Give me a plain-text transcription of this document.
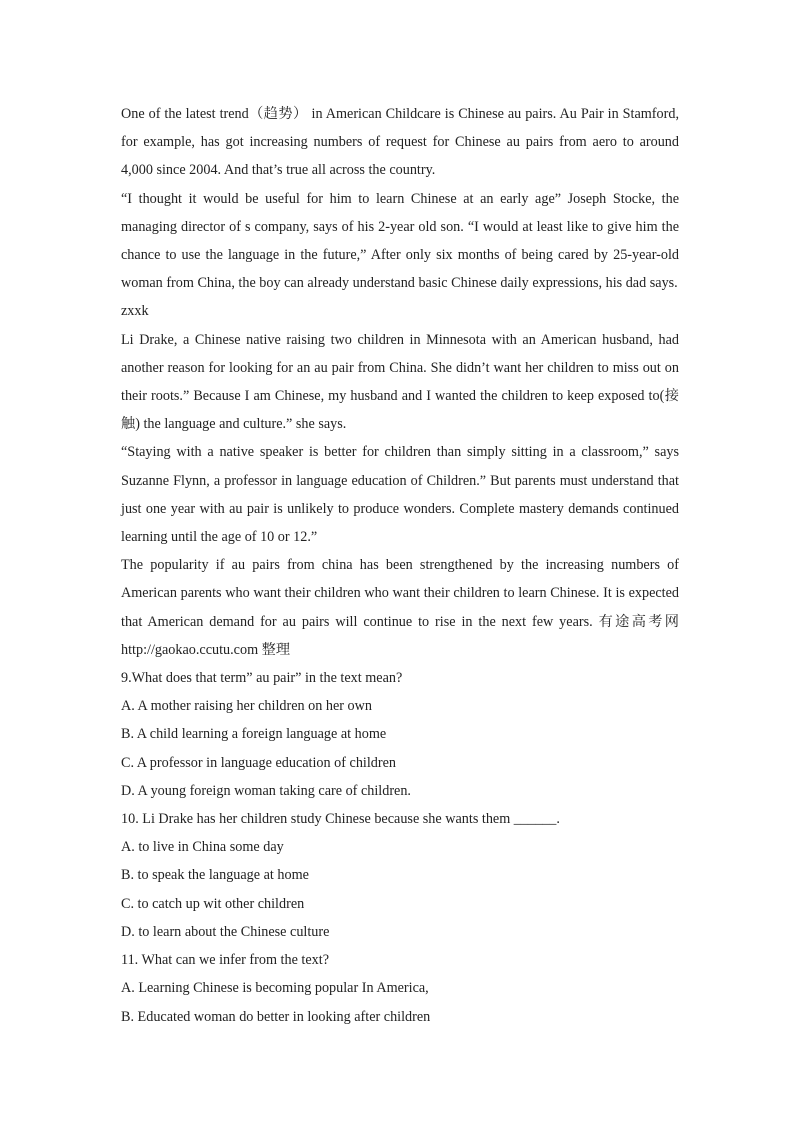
One of the latest trend（趋势） in American Childcare is Chinese au pairs. Au Pair in Stamford, for example, has got increasing numbers of request for Chinese au pairs from aero to around 4,000 since 2004. And that’s true all across the country.

“I thought it would be useful for him to learn Chinese at an early age” Joseph Stocke, the managing director of s company, says of his 2-year old son. “I would at least like to give him the chance to use the language in the future,” After only six months of being cared by 25-year-old woman from China, the boy can already understand basic Chinese daily expressions, his dad says.

zxxk

Li Drake, a Chinese native raising two children in Minnesota with an American husband, had another reason for looking for an au pair from China. She didn’t want her children to miss out on their roots.” Because I am Chinese, my husband and I wanted the children to keep exposed to(接触) the language and culture.” she says.

“Staying with a native speaker is better for children than simply sitting in a classroom,” says Suzanne Flynn, a professor in language education of Children.” But parents must understand that just one year with au pair is unlikely to produce wonders. Complete mastery demands continued learning until the age of 10 or 12.”

The popularity if au pairs from china has been strengthened by the increasing numbers of American parents who want their children who want their children to learn Chinese. It is expected that American demand for au pairs will continue to rise in the next few years. 有途高考网 http://gaokao.ccutu.com 整理

9.What does that term” au pair” in the text mean?

A. A mother raising her children on her own

B. A child learning a foreign language at home

C. A professor in language education of children

D. A young foreign woman taking care of children.

10. Li Drake has her children study Chinese because she wants them ______.

A. to live in China some day

B. to speak the language at home

C. to catch up wit other children

D. to learn about the Chinese culture

11. What can we infer from the text?

A. Learning Chinese is becoming popular In America,

B. Educated woman do better in looking after children
